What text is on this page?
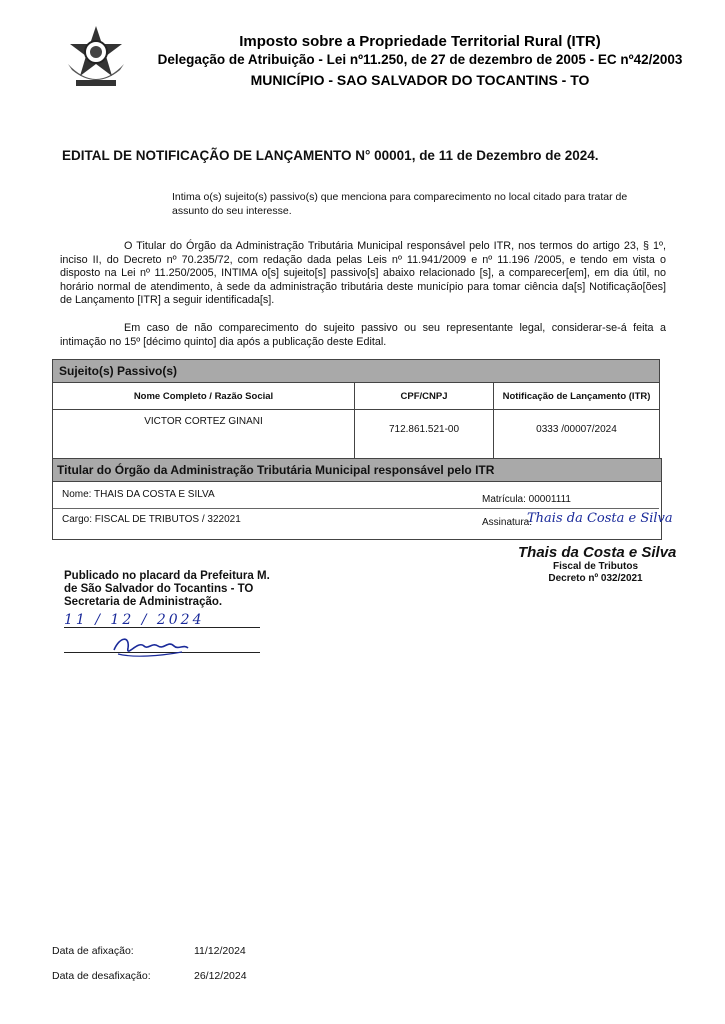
Imposto sobre a Propriedade Territorial Rural (ITR)
Delegação de Atribuição - Lei nº11.250, de 27 de dezembro de 2005 - EC nº42/2003
MUNICÍPIO - SAO SALVADOR DO TOCANTINS - TO
EDITAL DE NOTIFICAÇÃO DE LANÇAMENTO N° 00001, de 11 de Dezembro de 2024.
Intima o(s) sujeito(s) passivo(s) que menciona para comparecimento no local citado para tratar de assunto do seu interesse.
O Titular do Órgão da Administração Tributária Municipal responsável pelo ITR, nos termos do artigo 23, § 1º, inciso II, do Decreto nº 70.235/72, com redação dada pelas Leis nº 11.941/2009 e nº 11.196 /2005, e tendo em vista o disposto na Lei nº 11.250/2005, INTIMA o[s] sujeito[s] passivo[s] abaixo relacionado [s], a comparecer[em], em dia útil, no horário normal de atendimento, à sede da administração tributária deste município para tomar ciência da[s] Notificação[ões] de Lançamento [ITR] a seguir identificada[s].
Em caso de não comparecimento do sujeito passivo ou seu representante legal, considerar-se-á feita a intimação no 15º [décimo quinto] dia após a publicação deste Edital.
Sujeito(s) Passivo(s)		
Nome Completo / Razão Social	CPF/CNPJ	Notificação de Lançamento (ITR)
VICTOR CORTEZ GINANI	712.861.521-00	0333 /00007/2024
Titular do Órgão da Administração Tributária Municipal responsável pelo ITR
Nome: THAIS DA COSTA E SILVA	Matrícula: 00001111
Cargo: FISCAL DE TRIBUTOS / 322021	Assinatura:
Thais da Costa e Silva
Thais da Costa e Silva
Fiscal de Tributos
Decreto nº 032/2021
Publicado no placard da Prefeitura M.
de São Salvador do Tocantins - TO
Secretaria de Administração.
11 / 12 / 2024
Data de afixação:	11/12/2024
Data de desafixação:	26/12/2024
